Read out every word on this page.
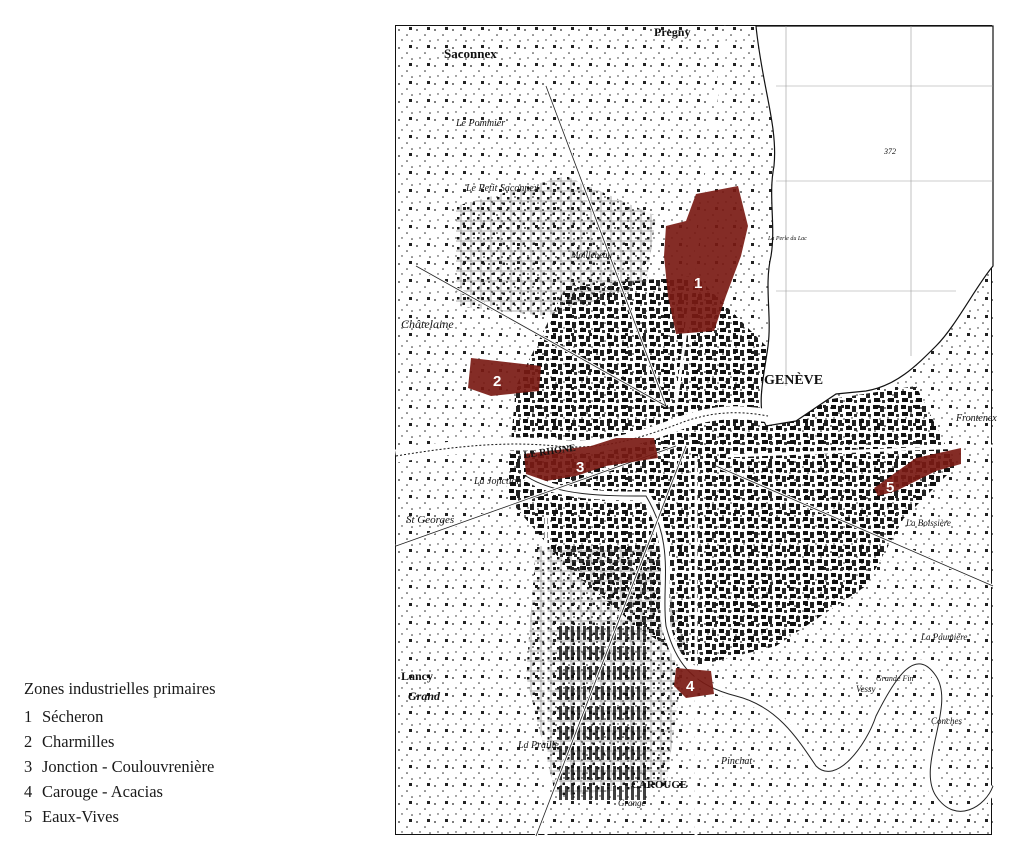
Zones industrielles primaires
1 Sécheron
2 Charmilles
3 Jonction - Coulouvrenière
4 Carouge - Acacias
5 Eaux-Vives
1
2
3
4
5
Saconnex
Pregny
Le Pommier
Le Petit Saconnex
Moillebeau
Châtelaine
GENÈVE
LE RHONE
La Jonction
St Georges
Lancy
Grand
La Praille
CAROUGE
Grange
Pinchat
Vessy
Grande Fin
Conches
La Paumière
Frontenex
La Boissière
372
La Perle du Lac
